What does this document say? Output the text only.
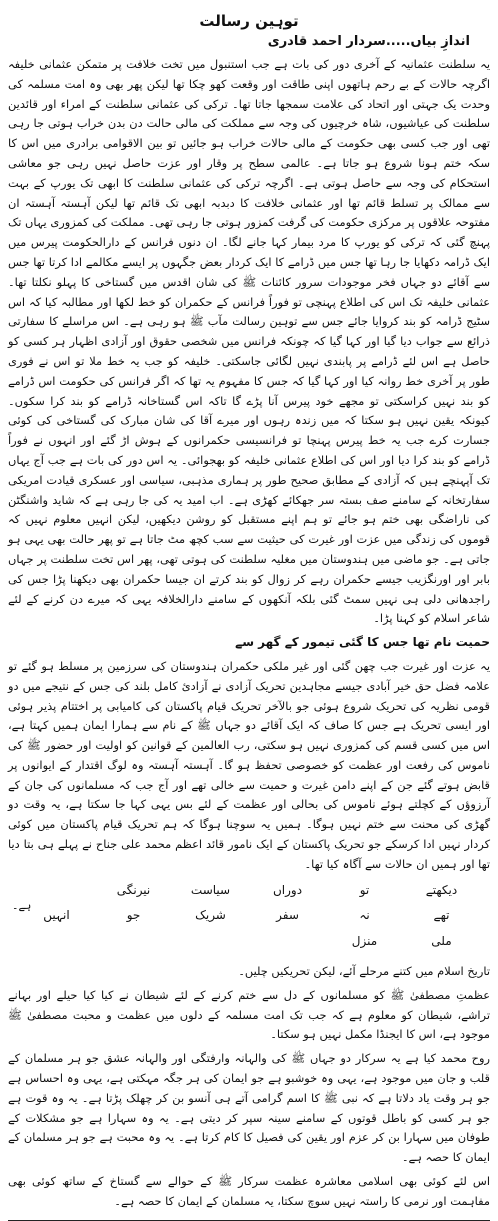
توہین رسالت
اندازِ بیاں.....سردار احمد قادری

یہ سلطنت عثمانیہ کے آخری دور کی بات ہے جب استنبول میں تخت خلافت پر متمکن عثمانی خلیفہ اگرچہ حالات کے بے رحم ہاتھوں اپنی طاقت اور وقعت کھو چکا تھا لیکن پھر بھی وہ امت مسلمہ کی وحدت یک جہتی اور اتحاد کی علامت سمجھا جاتا تھا۔ ترکی کی عثمانی سلطنت کے امراء اور قائدین سلطنت کی عیاشیوں، شاہ خرچیوں کی وجہ سے مملکت کی مالی حالت دن بدن خراب ہوتی جا رہی تھی اور جب کسی بھی حکومت کے مالی حالات خراب ہو جائیں تو بین الاقوامی برادری میں اس کا سکہ ختم ہونا شروع ہو جاتا ہے۔ عالمی سطح پر وقار اور عزت حاصل نہیں رہی جو معاشی استحکام کی وجہ سے حاصل ہوتی ہے۔ اگرچہ ترکی کی عثمانی سلطنت کا ابھی تک یورپ کے بہت سے ممالک پر تسلط قائم تھا اور عثمانی خلافت کا دبدبہ ابھی تک قائم تھا لیکن آہستہ آہستہ ان مفتوحہ علاقوں پر مرکزی حکومت کی گرفت کمزور ہوتی جا رہی تھی۔ مملکت کی کمزوری یہاں تک پہنچ گئی کہ ترکی کو یورپ کا مرد بیمار کہا جانے لگا۔ ان دنوں فرانس کے دارالحکومت پیرس میں ایک ڈرامہ دکھایا جا رہا تھا جس میں ڈرامے کا ایک کردار بعض جگہوں پر ایسے مکالمے ادا کرتا تھا جس سے آقائے دو جہاں فخر موجودات سرور کائنات ﷺ کی شان اقدس میں گستاخی کا پہلو نکلتا تھا۔ عثمانی خلیفہ تک اس کی اطلاع پہنچی تو فوراً فرانس کے حکمران کو خط لکھا اور مطالبہ کیا کہ اس سٹیج ڈرامہ کو بند کروایا جائے جس سے توہین رسالت مآب ﷺ ہو رہی ہے۔ اس مراسلے کا سفارتی ذرائع سے جواب دیا گیا اور کہا گیا کہ چونکہ فرانس میں شخصی حقوق اور آزادی اظہار ہر کسی کو حاصل ہے اس لئے ڈرامے پر پابندی نہیں لگائی جاسکتی۔ خلیفہ کو جب یہ خط ملا تو اس نے فوری طور پر آخری خط روانہ کیا اور کہا گیا کہ جس کا مفہوم یہ تھا کہ اگر فرانس کی حکومت اس ڈرامے کو بند نہیں کراسکتی تو مجھے خود پیرس آنا پڑے گا تاکہ اس گستاخانہ ڈرامے کو بند کرا سکوں۔ کیونکہ یقین نہیں ہو سکتا کہ میں زندہ رہوں اور میرے آقا کی شان مبارک کی گستاخی کی کوئی جسارت کرے جب یہ خط پیرس پہنچا تو فرانسیسی حکمرانوں کے ہوش اڑ گئے اور انہوں نے فوراً ڈرامے کو بند کرا دیا اور اس کی اطلاع عثمانی خلیفہ کو بھجوائی۔ یہ اس دور کی بات ہے جب آج یہاں تک آپہنچے ہیں کہ آزادی کے مطابق صحیح طور پر ہماری مذہبی، سیاسی اور عسکری قیادت امریکی سفارتخانہ کے سامنے صف بستہ سر جھکائے کھڑی ہے۔ اب امید یہ کی جا رہی ہے کہ شاید واشنگٹن کی ناراضگی بھی ختم ہو جائے تو ہم اپنے مستقبل کو روشن دیکھیں، لیکن انہیں معلوم نہیں کہ قوموں کی زندگی میں عزت اور غیرت کی حیثیت سے سب کچھ مٹ جاتا ہے تو پھر حالت بھی یہی ہو جاتی ہے۔ جو ماضی میں ہندوستان میں مغلیہ سلطنت کی ہوتی تھی، پھر اس تخت سلطنت پر جہاں بابر اور اورنگزیب جیسے حکمران رہے کر زوال کو بند کرتے ان جیسا حکمران بھی دیکھنا پڑا جس کی راجدھانی دلی ہی نہیں سمٹ گئی بلکہ آنکھوں کے سامنے دارالخلافہ یہی کہ میرے دن کرنے کے لئے شاعر اسلام کو کہنا پڑا۔

حمیت نام تھا جس کا گئی تیمور کے گھر سے

یہ عزت اور غیرت جب چھن گئی اور غیر ملکی حکمران ہندوستان کی سرزمین پر مسلط ہو گئے تو علامہ فضل حق خیر آبادی جیسے مجاہدین تحریک آزادی نے آزادیٔ کامل بلند کی جس کے نتیجے میں دو قومی نظریہ کی تحریک شروع ہوئی جو بالآخر تحریک قیام پاکستان کی کامیابی پر اختتام پذیر ہوئی اور ایسی تحریک ہے جس کا صاف کہ ایک آقائے دو جہاں ﷺ کے نام سے ہمارا ایمان ہمیں کہتا ہے، اس میں کسی قسم کی کمزوری نہیں ہو سکتی، رب العالمین کے قوانین کو اولیت اور حضور ﷺ کی ناموس کی رفعت اور عظمت کو خصوصی تحفظ ہو گا۔ آہستہ آہستہ وہ لوگ اقتدار کے ایوانوں پر قابض ہوتے گئے جن کے اپنے دامن غیرت و حمیت سے خالی تھے اور آج جب کہ مسلمانوں کی جان کے آرزوؤں کے کچلتے ہوئے ناموس کی بحالی اور عظمت کے لئے بس یہی کہا جا سکتا ہے، یہ وقت دو گھڑی کی محنت سے ختم نہیں ہوگا۔ ہمیں یہ سوچنا ہوگا کہ ہم تحریک قیام پاکستان میں کوئی کردار نہیں ادا کرسکے جو تحریک پاکستان کے ایک نامور قائد اعظم محمد علی جناح نے پہلے ہی بتا دیا تھا اور ہمیں ان حالات سے آگاہ کیا تھا۔

دیکھتے
تو
دوراں
سیاست
نیرنگی
تھے
نہ
سفر
شریک
جو
انہیں
ملی
منزل

تاریخ اسلام میں کتنے مرحلے آئے، لیکن تحریکیں چلیں۔

عظمتِ مصطفیٰ ﷺ کو مسلمانوں کے دل سے ختم کرنے کے لئے شیطان نے کیا کیا حیلے اور بہانے تراشے، شیطان کو معلوم ہے کہ جب تک امت مسلمہ کے دلوں میں عظمت و محبت مصطفیٰ ﷺ موجود ہے، اس کا ایجنڈا مکمل نہیں ہو سکتا۔

روح محمد کیا ہے یہ سرکار دو جہاں ﷺ کی والہانہ وارفتگی اور والہانہ عشق جو ہر مسلمان کے قلب و جان میں موجود ہے، یہی وہ خوشبو ہے جو ایمان کی ہر جگہ مہکتی ہے، یہی وہ احساس ہے جو ہر وقت یاد دلاتا ہے کہ نبی ﷺ کا اسم گرامی آتے ہی آنسو بن کر چھلک پڑتا ہے۔ یہ وہ قوت ہے جو ہر کسی کو باطل قوتوں کے سامنے سینہ سپر کر دیتی ہے۔ یہ وہ سہارا ہے جو مشکلات کے طوفان میں سہارا بن کر عزم اور یقین کی فصیل کا کام کرتا ہے۔ یہ وہ محبت ہے جو ہر مسلمان کے ایمان کا حصہ ہے۔

اس لئے کوئی بھی اسلامی معاشرہ عظمت سرکار ﷺ کے حوالے سے گستاخ کے ساتھ کوئی بھی مفاہمت اور نرمی کا راستہ نہیں سوچ سکتا، یہ مسلمان کے ایمان کا حصہ ہے۔

ہے۔
